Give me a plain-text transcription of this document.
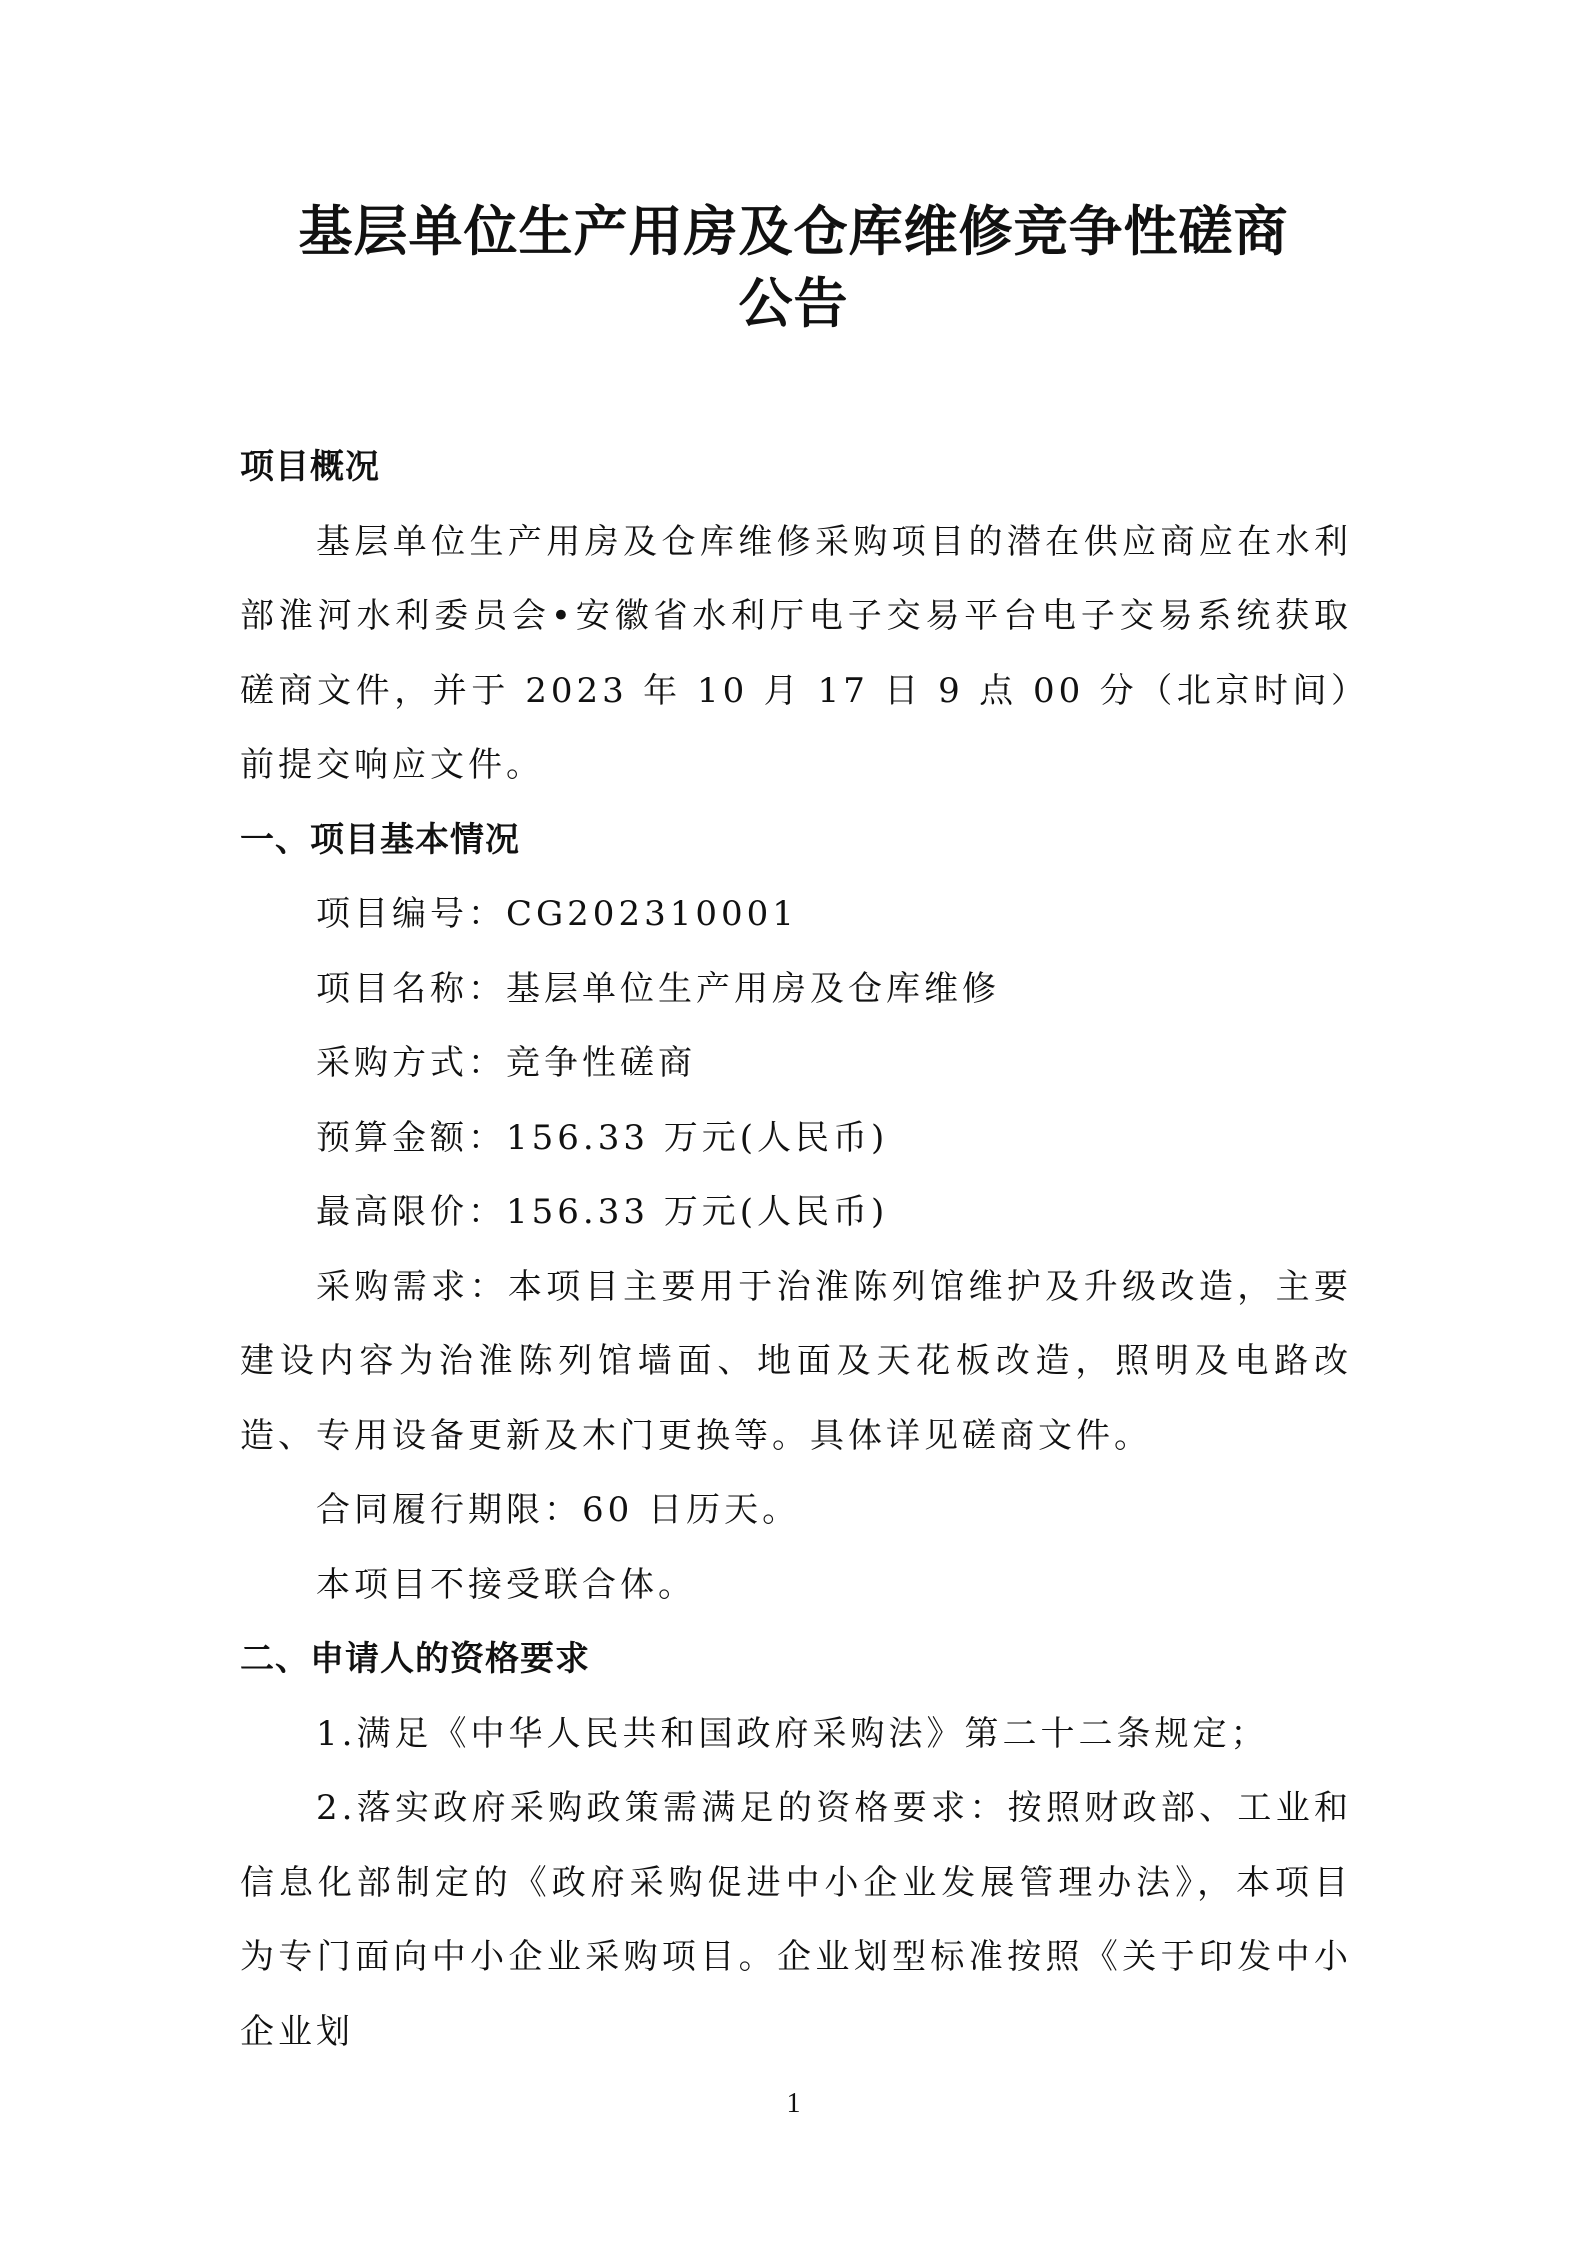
基层单位生产用房及仓库维修竞争性磋商
公告

项目概况

基层单位生产用房及仓库维修采购项目的潜在供应商应在水利部淮河水利委员会•安徽省水利厅电子交易平台电子交易系统获取磋商文件，并于 2023 年 10 月 17 日 9 点 00 分（北京时间）前提交响应文件。

一、项目基本情况

项目编号：CG202310001

项目名称：基层单位生产用房及仓库维修

采购方式：竞争性磋商

预算金额：156.33 万元(人民币)

最高限价：156.33 万元(人民币)

采购需求：本项目主要用于治淮陈列馆维护及升级改造，主要建设内容为治淮陈列馆墙面、地面及天花板改造，照明及电路改造、专用设备更新及木门更换等。具体详见磋商文件。

合同履行期限：60 日历天。

本项目不接受联合体。

二、申请人的资格要求

1.满足《中华人民共和国政府采购法》第二十二条规定；

2.落实政府采购政策需满足的资格要求：按照财政部、工业和信息化部制定的《政府采购促进中小企业发展管理办法》，本项目为专门面向中小企业采购项目。企业划型标准按照《关于印发中小企业划

1
